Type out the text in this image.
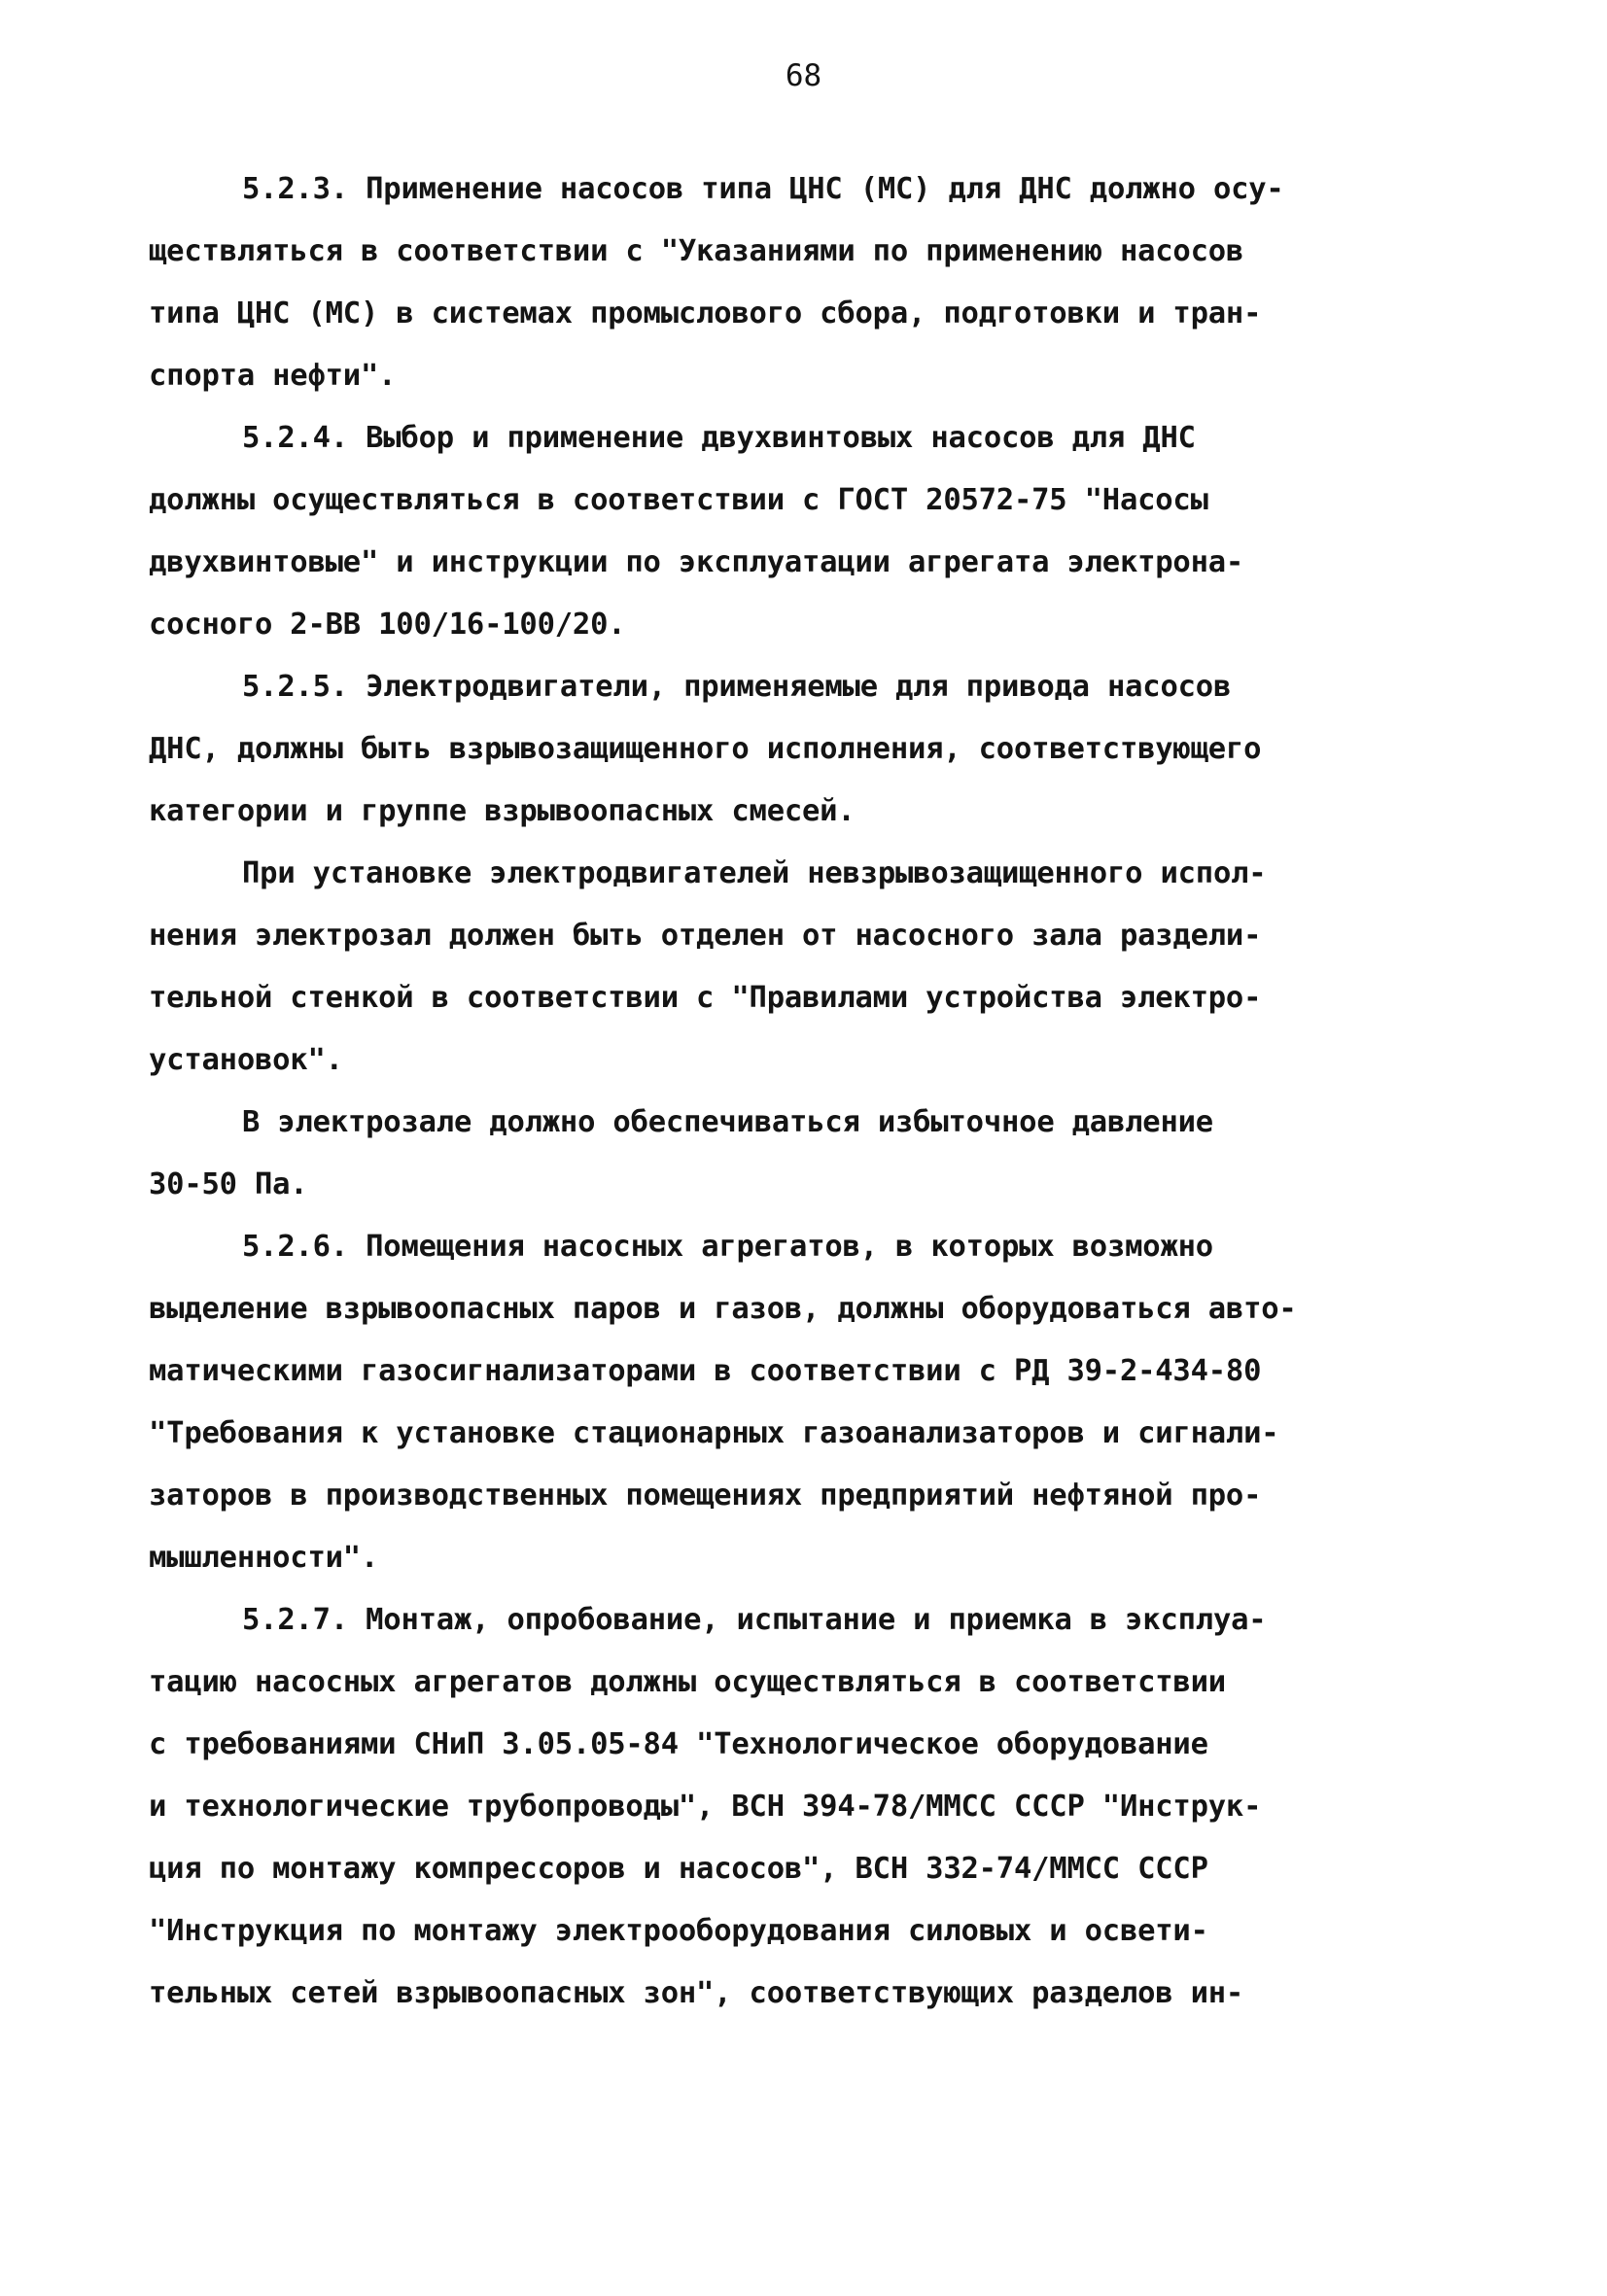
68
5.2.3. Применение насосов типа ЦНС (МС) для ДНС должно осу-
ществляться в соответствии с "Указаниями по применению насосов
типа ЦНС (МС) в системах промыслового сбора, подготовки и тран-
спорта нефти".
5.2.4. Выбор и применение двухвинтовых насосов для ДНС
должны осуществляться в соответствии с ГОСТ 20572-75 "Насосы
двухвинтовые" и инструкции по эксплуатации агрегата электрона-
сосного 2-ВВ 100/16-100/20.
5.2.5. Электродвигатели, применяемые для привода насосов
ДНС, должны быть взрывозащищенного исполнения, соответствующего
категории и группе взрывоопасных смесей.
При установке электродвигателей невзрывозащищенного испол-
нения электрозал должен быть отделен от насосного зала раздели-
тельной стенкой в соответствии с "Правилами устройства электро-
установок".
В электрозале должно обеспечиваться избыточное давление
30-50 Па.
5.2.6. Помещения насосных агрегатов, в которых возможно
выделение взрывоопасных паров и газов, должны оборудоваться авто-
матическими газосигнализаторами в соответствии с РД 39-2-434-80
"Требования к установке стационарных газоанализаторов и сигнали-
заторов в производственных помещениях предприятий нефтяной про-
мышленности".
5.2.7. Монтаж, опробование, испытание и приемка в эксплуа-
тацию насосных агрегатов должны осуществляться в соответствии
с требованиями СНиП 3.05.05-84 "Технологическое оборудование
и технологические трубопроводы", ВСН 394-78/ММСС СССР "Инструк-
ция по монтажу компрессоров и насосов", ВСН 332-74/ММСС СССР
"Инструкция по монтажу электрооборудования силовых и освети-
тельных сетей взрывоопасных зон", соответствующих разделов ин-
